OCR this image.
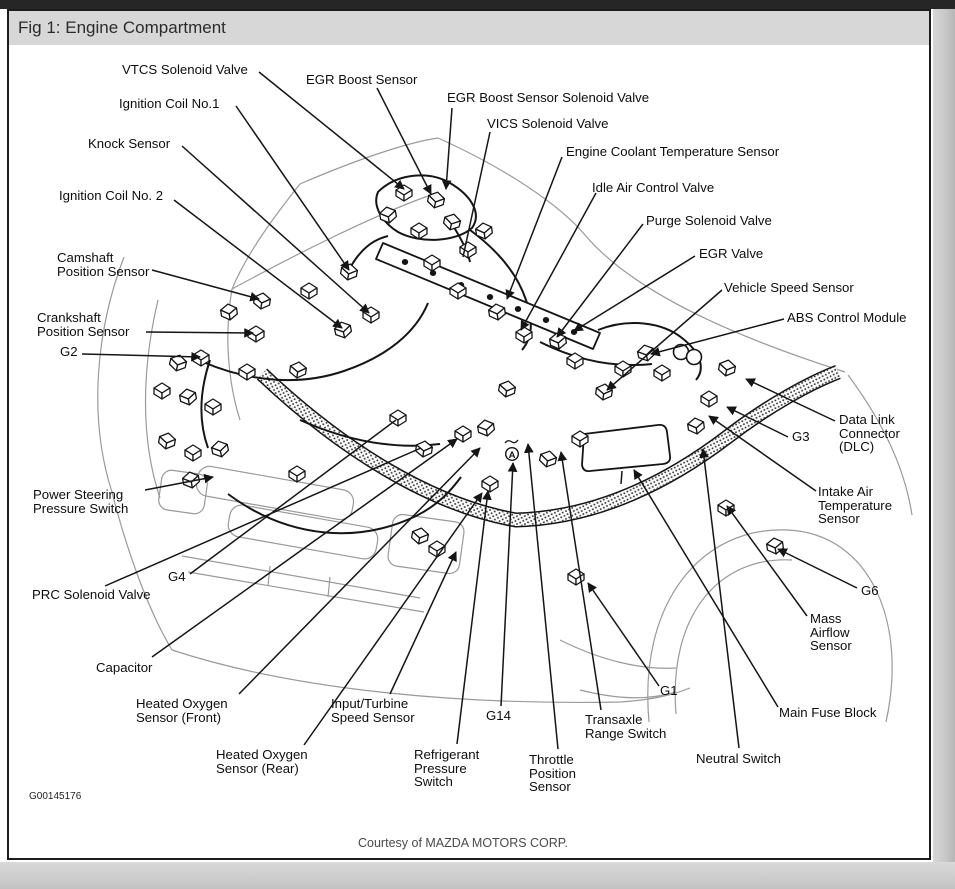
Fig 1: Engine Compartment
A
VTCS Solenoid Valve
Ignition Coil No.1
EGR Boost Sensor
EGR Boost Sensor Solenoid Valve
VICS Solenoid Valve
Engine Coolant Temperature Sensor
Idle Air Control Valve
Knock Sensor
Purge Solenoid Valve
Ignition Coil No. 2
EGR Valve
Vehicle Speed Sensor
Camshaft Position Sensor
ABS Control Module
Crankshaft Position Sensor
G2
Data Link Connector (DLC)
G3
Intake Air Temperature Sensor
Power Steering Pressure Switch
G6
G4
PRC Solenoid Valve
Mass Airflow Sensor
Capacitor
G1
Main Fuse Block
Heated Oxygen Sensor (Front)
Input/Turbine Speed Sensor	G14	Transaxle Range Switch
Heated Oxygen Sensor (Rear)
Refrigerant Pressure Switch
Throttle Position Sensor
Neutral Switch
G00145176
Courtesy of MAZDA MOTORS CORP.
